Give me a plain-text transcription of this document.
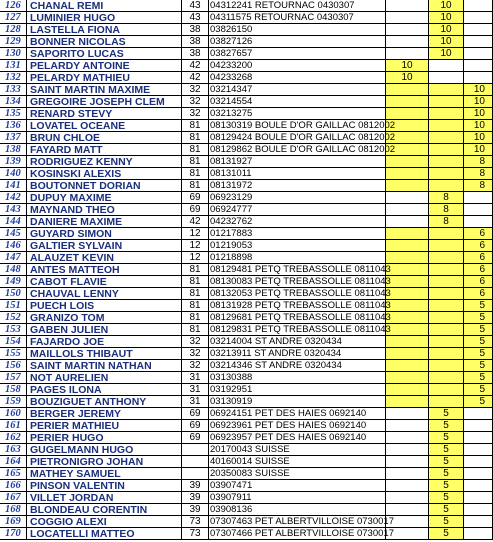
126 CHANAL REMI	43 04312241 RETOURNAC 0430307	10
127 LUMINIER HUGO	43 04311575 RETOURNAC 0430307	10
128 LASTELLA FIONA	38 03826150	10
129 BONNER NICOLAS	38 03827126	10
130 SAPORITO LUCAS	38 03827657	10
131 PELARDY ANTOINE	42 04233200	10
132 PELARDY MATHIEU	42 04233268	10
133 SAINT MARTIN MAXIME	32 03214347	10
134 GREGOIRE JOSEPH CLEM	32 03214554	10
135 RENARD STEVY	32 03213275	10
136 LOVATEL OCEANE	81 08130319 BOULE D'OR GAILLAC 0812002	10
137 BRUN CHLOE	81 08129424 BOULE D'OR GAILLAC 0812002	10
138 FAYARD MATT	81 08129862 BOULE D'OR GAILLAC 0812002	10
139 RODRIGUEZ KENNY	81 08131927	8
140 KOSINSKI ALEXIS	81 08131011	8
141 BOUTONNET DORIAN	81 08131972	8
142 DUPUY MAXIME	69 06923129	8
143 MAYNAND THEO	69 06924777	8
144 DANIERE MAXIME	42 04232762	8
145 GUYARD SIMON	12 01217883	6
146 GALTIER SYLVAIN	12 01219053	6
147 ALAUZET KEVIN	12 01218898	6
148 ANTES MATTEOH	81 08129481 PETQ TREBASSOLLE 0811043	6
149 CABOT FLAVIE	81 08130083 PETQ TREBASSOLLE 0811043	6
150 CHAUVAL LENNY	81 08132053 PETQ TREBASSOLLE 0811043	6
151 PUECH LOIS	81 08131928 PETQ TREBASSOLLE 0811043	5
152 GRANIZO TOM	81 08129681 PETQ TREBASSOLLE 0811043	5
153 GABEN JULIEN	81 08129831 PETQ TREBASSOLLE 0811043	5
154 FAJARDO JOE	32 03214004 ST ANDRE 0320434	5
155 MAILLOLS THIBAUT	32 03213911 ST ANDRE 0320434	5
156 SAINT MARTIN NATHAN	32 03214346 ST ANDRE 0320434	5
157 NOT AURELIEN	31 03130388	5
158 PAGES ILONA	31 03192951	5
159 BOUZIGUET ANTHONY	31 03130919	5
160 BERGER JEREMY	69 06924151 PET DES HAIES 0692140	5
161 PERIER MATHIEU	69 06923961 PET DES HAIES 0692140	5
162 PERIER HUGO	69 06923957 PET DES HAIES 0692140	5
163 GUGELMANN HUGO	20170043 SUISSE	5
164 PIETRONIGRO JOHAN	40160014 SUISSE	5
165 MATHEY SAMUEL	20350083 SUISSE	5
166 PINSON VALENTIN	39 03907471	5
167 VILLET JORDAN	39 03907911	5
168 BLONDEAU CORENTIN	39 03908136	5
169 COGGIO ALEXI	73 07307463 PET ALBERTVILLOISE 0730017	5
170 LOCATELLI MATTEO	73 07307466 PET ALBERTVILLOISE 0730017	5
